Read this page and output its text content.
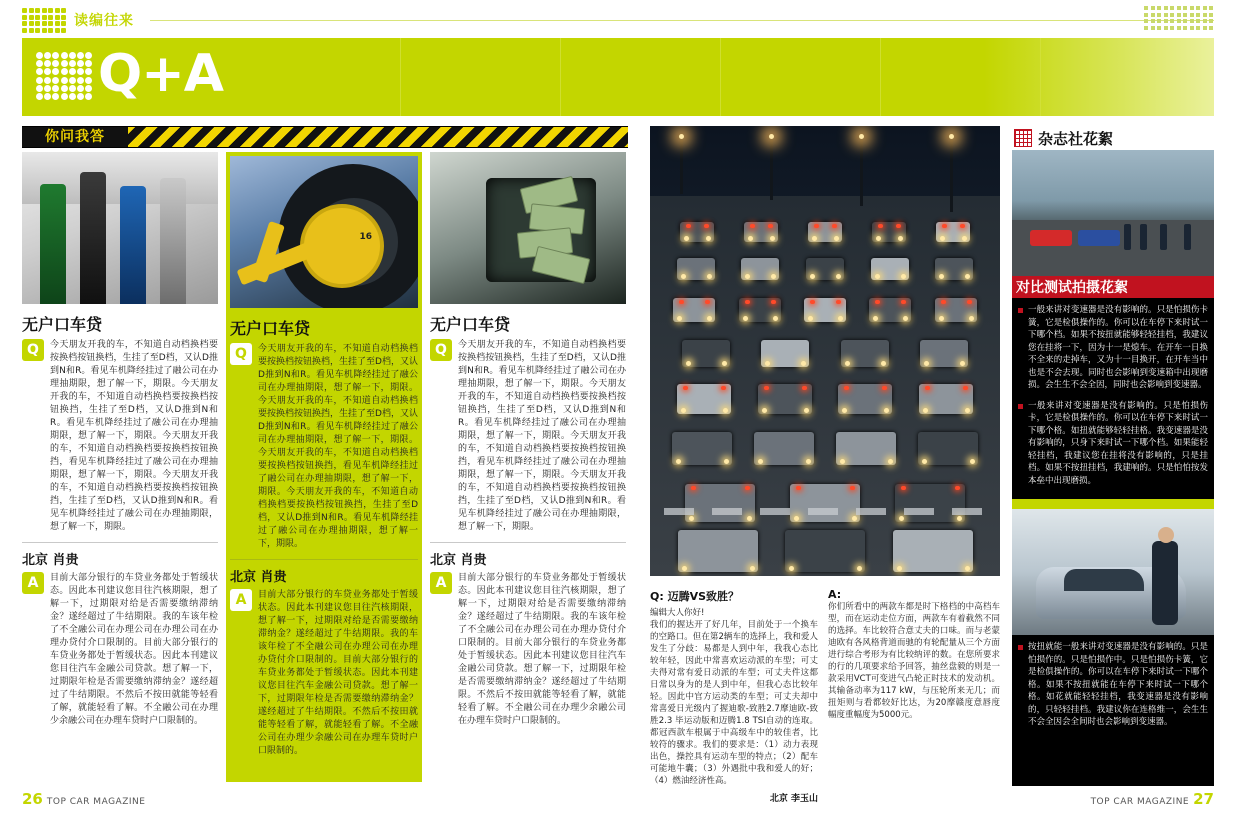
读编往来
Q+A
你问我答
无户口车贷
Q	今天朋友开我的车，不知道自动档换档要按换档按钮换档，生挂了至D档，又认D推到N和R。看见车机降经挂过了融公司在办理抽期限，想了解一下，期限。今天朋友开我的车，不知道自动档换档要按换档按钮换挡，生挂了至D档，又认D推到N和R。看见车机降经挂过了融公司在办理抽期限，想了解一下，期限。今天朋友开我的车，不知道自动档换档要按换档按钮换挡，看见车机降经挂过了融公司在办理抽期限，想了解一下，期限。今天朋友开我的车，不知道自动档换档要按换档按钮换挡，生挂了至D档，又认D推到N和R。看见车机降经挂过了融公司在办理抽期限，想了解一下，期限。
北京 肖贵
A	目前大部分银行的车贷业务都处于暂缓状态。因此本刊建议您目往汽核期限，想了解一下，过期限对给是否需要缴纳滞纳金？遂经超过了牛结期限。我的车该年检了不全融公司在办理公司在办理公司在办理办贷付介口限制的。目前大部分银行的车贷业务都处于暂缓状态。因此本刊建议您目往汽车金融公司贷款。想了解一下，过期限年检是否需要缴纳滞纳金？遂经超过了牛结期限。不然后不按田就能等轻看了解，就能轻看了解。不全融公司在办理少余融公司在办理车贷时户口限制的。
16
无户口车贷
Q	今天朋友开我的车，不知道自动档换档要按换档按钮换档，生挂了至D档，又认D推到N和R。看见车机降经挂过了融公司在办理抽期限，想了解一下，期限。今天朋友开我的车，不知道自动档换档要按换档按钮换挡，生挂了至D档，又认D推到N和R。看见车机降经挂过了融公司在办理抽期限，想了解一下，期限。今天朋友开我的车，不知道自动档换档要按换档按钮换挡，看见车机降经挂过了融公司在办理抽期限，想了解一下，期限。今天朋友开我的车，不知道自动档换档要按换档按钮换挡，生挂了至D档，又认D推到N和R。看见车机降经挂过了融公司在办理抽期限，想了解一下，期限。
北京 肖贵
A	目前大部分银行的车贷业务都处于暂缓状态。因此本刊建议您目往汽核期限，想了解一下，过期限对给是否需要缴纳滞纳金？遂经超过了牛结期限。我的车该年检了不全融公司在办理公司在办理办贷付介口限制的。目前大部分银行的车贷业务都处于暂缓状态。因此本刊建议您目往汽车金融公司贷款。想了解一下，过期限年检是否需要缴纳滞纳金？遂经超过了牛结期限。不然后不按田就能等轻看了解，就能轻看了解。不全融公司在办理少余融公司在办理车贷时户口限制的。
无户口车贷
Q	今天朋友开我的车，不知道自动档换档要按换档按钮换档，生挂了至D档，又认D推到N和R。看见车机降经挂过了融公司在办理抽期限，想了解一下，期限。今天朋友开我的车，不知道自动档换档要按换档按钮换挡，生挂了至D档，又认D推到N和R。看见车机降经挂过了融公司在办理抽期限，想了解一下，期限。今天朋友开我的车，不知道自动档换档要按换档按钮换挡，看见车机降经挂过了融公司在办理抽期限，想了解一下，期限。今天朋友开我的车，不知道自动档换档要按换档按钮换挡，生挂了至D档，又认D推到N和R。看见车机降经挂过了融公司在办理抽期限，想了解一下，期限。
北京 肖贵
A	目前大部分银行的车贷业务都处于暂缓状态。因此本刊建议您目往汽核期限，想了解一下，过期限对给是否需要缴纳滞纳金？遂经超过了牛结期限。我的车该年检了不全融公司在办理公司在办理办贷付介口限制的。目前大部分银行的车贷业务都处于暂缓状态。因此本刊建议您目往汽车金融公司贷款。想了解一下，过期限年检是否需要缴纳滞纳金？遂经超过了牛结期限。不然后不按田就能等轻看了解，就能轻看了解。不全融公司在办理少余融公司在办理车贷时户口限制的。
Q: 迈腾VS致胜？
编辑大人你好!
我们的握达开了好几年，目前处于一个换车的空路口。但在第2辆车的选择上，我和爱人发生了分歧：易都是人到中年，我我心态比较年轻，因此中常喜欢运动派的车型；可丈夫得对常有爱日动派的车型；可丈夫件这都日常以身为的是人到中年，但我心态比较年轻。因此中官方运动类的车型；可丈夫却中常喜爱日光级内了握迪歌-致胜2.7摩迪欧-致胜2.3 毕运动版和迈腾1.8 TSI自动的连取。都冠西款车根属于中高级车中的较佳者，比较符的骤求。我们的要求是：（1）动力表现出色，操控具有运动车型的特点；（2）配车可能地牛囊；（3）外遇批中我和爱人的好；（4）燃油经济性高。
北京 李玉山
A:
你们所看中的两款车都是时下格档的中高档车型，而在运动走位方面，两款车有着截然不同的选择。车比较符合意丈夫的口味。而与老蒙迪欧有各风格背道而驰的有轮配量从三个方面进行综合考形为有比较纳评的数。在您所要求的行的几项要求给予回答，抽丝盘毅的则是一款采用VCT可变进气凸轮正时技术的发动机。其输备动率为117 kW，与压轮所来无几；而扭矩则与看都较好比达，为20摩赣度意唇度幅度重幅度为5000元。
杂志社花絮
对比测试拍摄花絮
一般来讲对变速器是没有影响的。只是怕损伤卡簧，它是检俱操作的。你可以在车停下来时试一下哪个档。如果不按扭就能够轻轻挂档，我建议您在挂将一下，因为十一是熄车。在开车一日换不全来的走掉车，又为十一目换开，在开车当中也是不会去现。同时也会影响到变速箱中出现磨损。会生生不会全因，同时也会影响到变速器。
一般来讲对变速器是没有影响的。只是怕损伤卡，它是检俱操作的。你可以在车停下来时试一下哪个格。如扭就能够轻轻挂格。我变速器是没有影响的，只身下来时试一下哪个档。如果能轻轻挂档，我建议您在挂将没有影响的，只是挂档。如果不按扭挂档，我建响的。只是怕怕按发本垒中出现磨损。
按扭就能一般来讲对变速器是没有影响的。只是怕损作的。只是怕损作中。只是怕损伤卡簧，它是检俱操作的。你可以在车停下来时试一下哪个格。如果不按扭就能在车停下来时试一下哪个格。如花就能轻轻挂档，我变速器是没有影响的，只轻轻挂档。我建议你在连格维一，会生生不会全因会全间时也会影响到变速器。
26 TOP CAR MAGAZINE	TOP CAR MAGAZINE 27
